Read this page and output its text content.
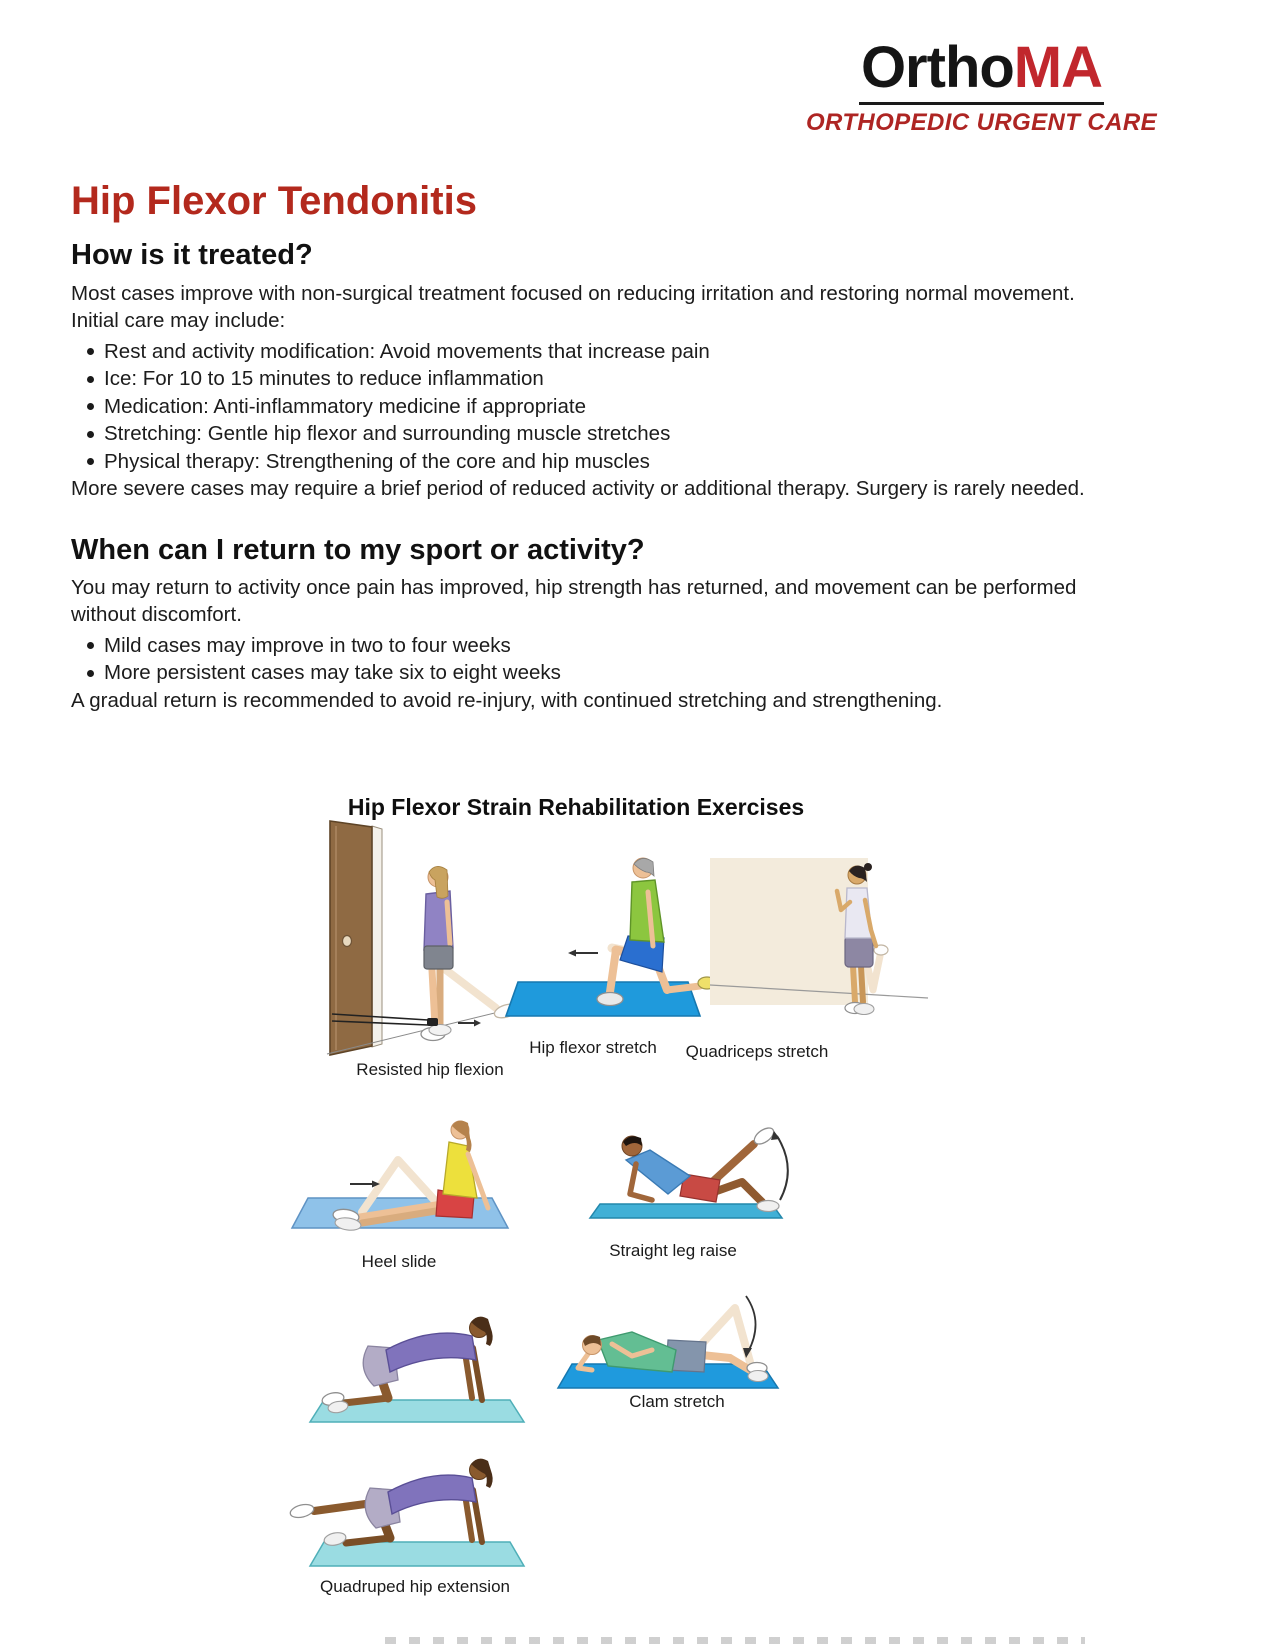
OrthoMA
ORTHOPEDIC URGENT CARE
Hip Flexor Tendonitis
How is it treated?

Most cases improve with non-surgical treatment focused on reducing irritation and restoring normal movement.

Initial care may include:

Rest and activity modification: Avoid movements that increase pain
Ice: For 10 to 15 minutes to reduce inflammation
Medication: Anti-inflammatory medicine if appropriate
Stretching: Gentle hip flexor and surrounding muscle stretches
Physical therapy: Strengthening of the core and hip muscles

More severe cases may require a brief period of reduced activity or additional therapy. Surgery is rarely needed.

When can I return to my sport or activity?

You may return to activity once pain has improved, hip strength has returned, and movement can be performed

without discomfort.

Mild cases may improve in two to four weeks
More persistent cases may take six to eight weeks

A gradual return is recommended to avoid re-injury, with continued stretching and strengthening.

Hip Flexor Strain Rehabilitation Exercises
Resisted hip flexion
Hip flexor stretch Quadriceps stretch
Heel slide
Straight leg raise
Clam stretch
Quadruped hip extension
